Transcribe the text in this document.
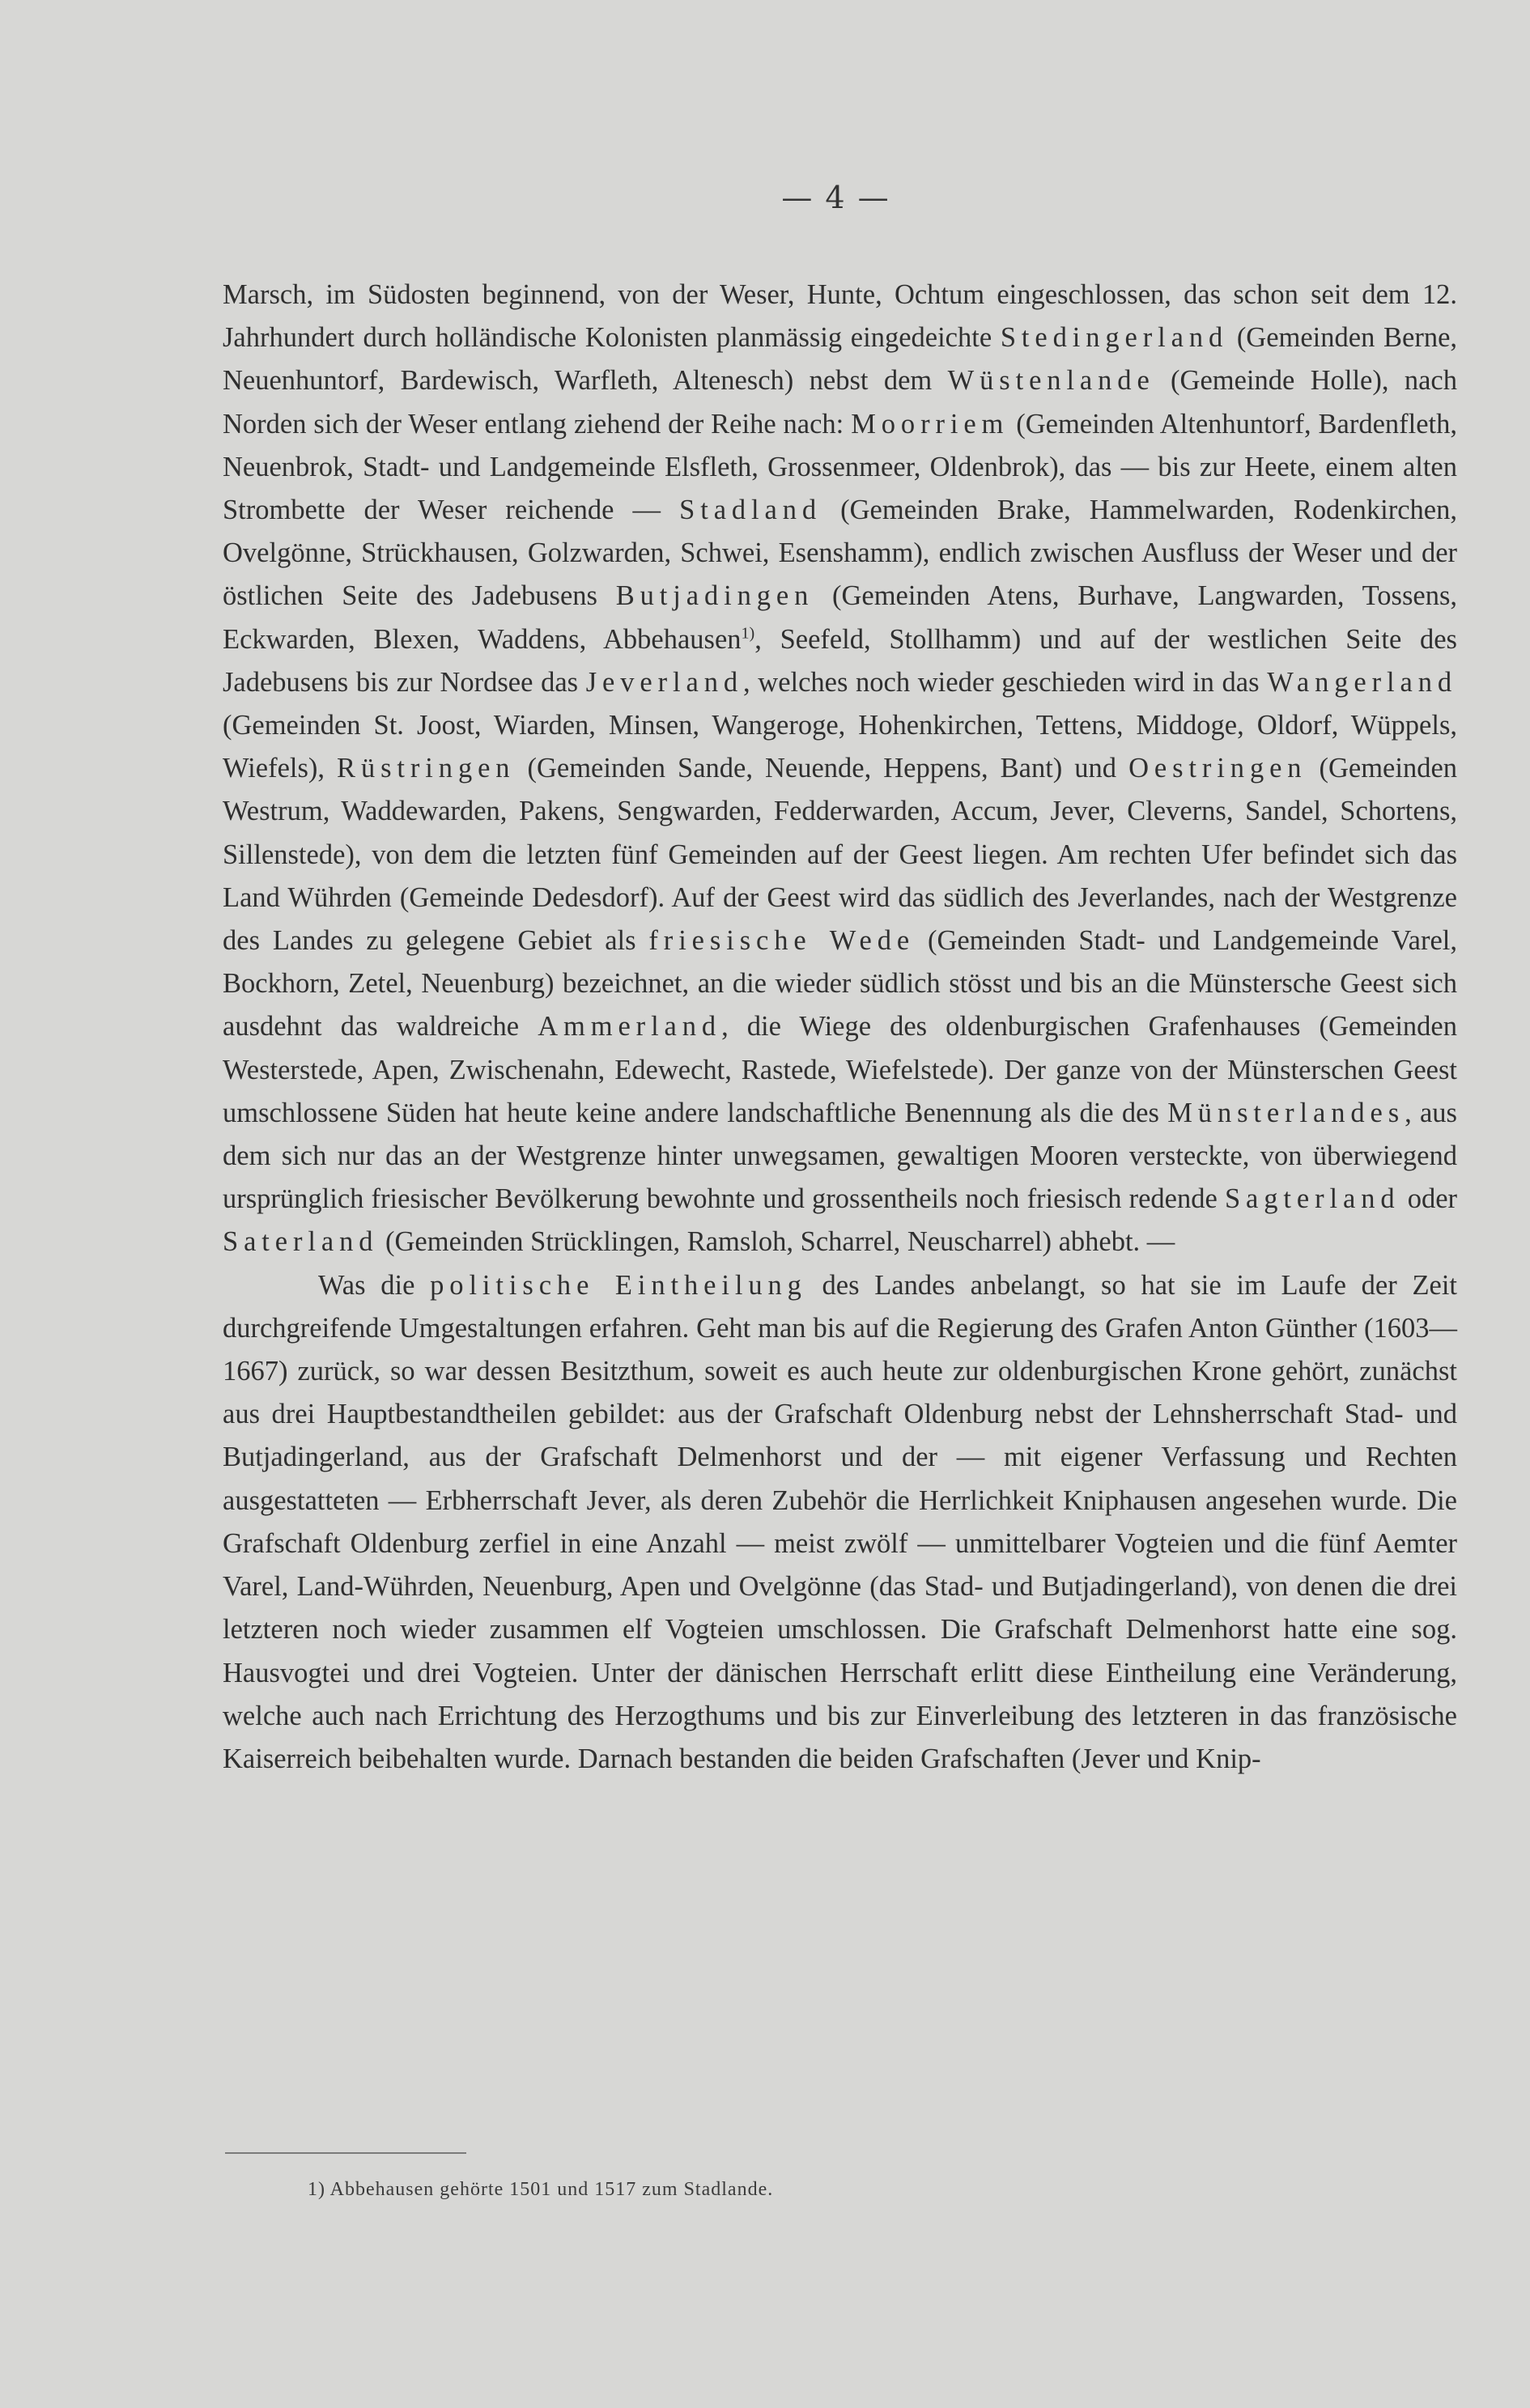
— 4 —

Marsch, im Südosten beginnend, von der Weser, Hunte, Ochtum eingeschlossen, das schon seit dem 12. Jahrhundert durch holländische Kolonisten planmässig eingedeichte Stedingerland (Gemeinden Berne, Neuenhuntorf, Bardewisch, Warfleth, Altenesch) nebst dem Wüstenlande (Gemeinde Holle), nach Norden sich der Weser entlang ziehend der Reihe nach: Moorriem (Gemeinden Altenhuntorf, Bardenfleth, Neuenbrok, Stadt- und Landgemeinde Elsfleth, Grossenmeer, Oldenbrok), das — bis zur Heete, einem alten Strombette der Weser reichende — Stadland (Gemeinden Brake, Hammelwarden, Rodenkirchen, Ovelgönne, Strückhausen, Golzwarden, Schwei, Esenshamm), endlich zwischen Ausfluss der Weser und der östlichen Seite des Jadebusens Butjadingen (Gemeinden Atens, Burhave, Langwarden, Tossens, Eckwarden, Blexen, Waddens, Abbehausen$^{1)}$, Seefeld, Stollhamm) und auf der westlichen Seite des Jadebusens bis zur Nordsee das Jeverland, welches noch wieder geschieden wird in das Wangerland (Gemeinden St. Joost, Wiarden, Minsen, Wangeroge, Hohenkirchen, Tettens, Middoge, Oldorf, Wüppels, Wiefels), Rüstringen (Gemeinden Sande, Neuende, Heppens, Bant) und Oestringen (Gemeinden Westrum, Waddewarden, Pakens, Sengwarden, Fedderwarden, Accum, Jever, Cleverns, Sandel, Schortens, Sillenstede), von dem die letzten fünf Gemeinden auf der Geest liegen. Am rechten Ufer befindet sich das Land Wührden (Gemeinde Dedesdorf). Auf der Geest wird das südlich des Jeverlandes, nach der Westgrenze des Landes zu gelegene Gebiet als friesische Wede (Gemeinden Stadt- und Landgemeinde Varel, Bockhorn, Zetel, Neuenburg) bezeichnet, an die wieder südlich stösst und bis an die Münstersche Geest sich ausdehnt das waldreiche Ammerland, die Wiege des oldenburgischen Grafenhauses (Gemeinden Westerstede, Apen, Zwischenahn, Edewecht, Rastede, Wiefelstede). Der ganze von der Münsterschen Geest umschlossene Süden hat heute keine andere landschaftliche Benennung als die des Münsterlandes, aus dem sich nur das an der Westgrenze hinter unwegsamen, gewaltigen Mooren versteckte, von überwiegend ursprünglich friesischer Bevölkerung bewohnte und grossentheils noch friesisch redende Sagterland oder Saterland (Gemeinden Strücklingen, Ramsloh, Scharrel, Neuscharrel) abhebt. —

Was die politische Eintheilung des Landes anbelangt, so hat sie im Laufe der Zeit durchgreifende Umgestaltungen erfahren. Geht man bis auf die Regierung des Grafen Anton Günther (1603—1667) zurück, so war dessen Besitzthum, soweit es auch heute zur oldenburgischen Krone gehört, zunächst aus drei Hauptbestandtheilen gebildet: aus der Grafschaft Oldenburg nebst der Lehnsherrschaft Stad- und Butjadingerland, aus der Grafschaft Delmenhorst und der — mit eigener Verfassung und Rechten ausgestatteten — Erbherrschaft Jever, als deren Zubehör die Herrlichkeit Kniphausen angesehen wurde. Die Grafschaft Oldenburg zerfiel in eine Anzahl — meist zwölf — unmittelbarer Vogteien und die fünf Aemter Varel, Land-Wührden, Neuenburg, Apen und Ovelgönne (das Stad- und Butjadingerland), von denen die drei letzteren noch wieder zusammen elf Vogteien umschlossen. Die Grafschaft Delmenhorst hatte eine sog. Hausvogtei und drei Vogteien. Unter der dänischen Herrschaft erlitt diese Eintheilung eine Veränderung, welche auch nach Errichtung des Herzogthums und bis zur Einverleibung des letzteren in das französische Kaiserreich beibehalten wurde. Darnach bestanden die beiden Grafschaften (Jever und Knip-

1) Abbehausen gehörte 1501 und 1517 zum Stadlande.
